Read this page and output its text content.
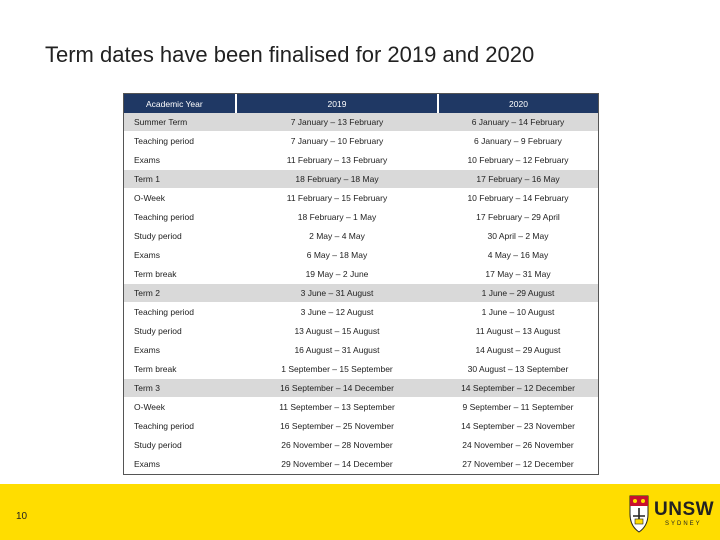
Term dates have been finalised for 2019 and 2020
Academic Year	2019	2020
Summer Term	7 January – 13 February	6 January – 14 February
Teaching period	7 January – 10 February	6 January – 9 February
Exams	11 February – 13 February	10 February – 12 February
Term 1	18 February – 18 May	17 February – 16 May
O-Week	11 February – 15 February	10 February – 14 February
Teaching period	18 February – 1 May	17 February – 29 April
Study period	2 May – 4 May	30 April – 2 May
Exams	6 May – 18 May	4 May – 16 May
Term break	19 May – 2 June	17 May – 31 May
Term 2	3 June – 31 August	1 June – 29 August
Teaching period	3 June – 12 August	1 June – 10 August
Study period	13 August – 15 August	11 August – 13 August
Exams	16 August – 31 August	14 August – 29 August
Term break	1 September – 15 September	30 August – 13 September
Term 3	16 September – 14 December	14 September – 12 December
O-Week	11 September – 13 September	9 September – 11 September
Teaching period	16 September – 25 November	14 September – 23 November
Study period	26 November – 28 November	24 November – 26 November
Exams	29 November – 14 December	27 November – 12 December
10	UNSW
SYDNEY
